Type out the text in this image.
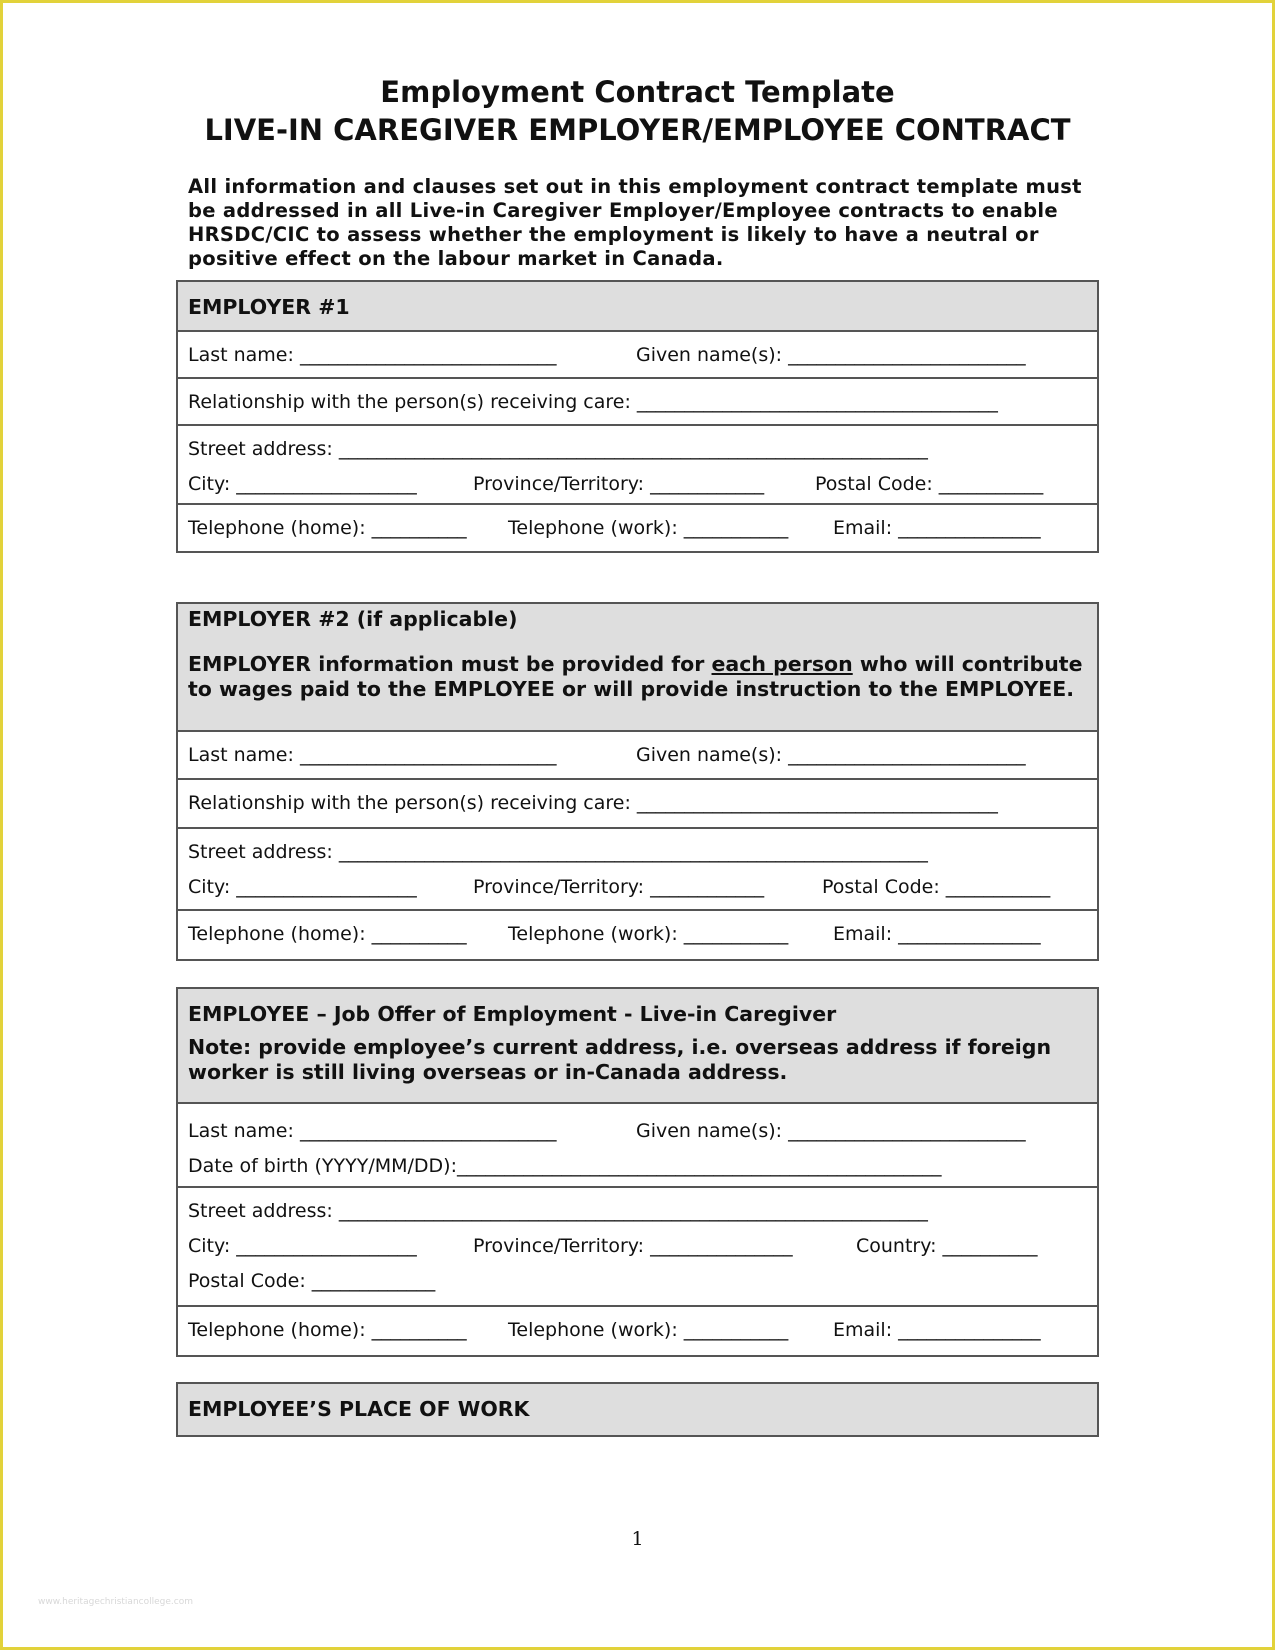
Employment Contract Template
LIVE-IN CAREGIVER EMPLOYER/EMPLOYEE CONTRACT
All information and clauses set out in this employment contract template must be addressed in all Live-in Caregiver Employer/Employee contracts to enable HRSDC/CIC to assess whether the employment is likely to have a neutral or positive effect on the labour market in Canada.
EMPLOYER #1
Last name: ___________________________	Given name(s): _________________________
Relationship with the person(s) receiving care: ______________________________________
Street address: ______________________________________________________________
City: ___________________	Province/Territory: ____________	Postal Code: ___________
Telephone (home): __________ Telephone (work): ___________ Email: _______________
EMPLOYER #2 (if applicable)
EMPLOYER information must be provided for each person who will contribute to wages paid to the EMPLOYEE or will provide instruction to the EMPLOYEE.
Last name: ___________________________	Given name(s): _________________________
Relationship with the person(s) receiving care: ______________________________________
Street address: ______________________________________________________________
City: ___________________	Province/Territory: ____________	Postal Code: ___________
Telephone (home): __________ Telephone (work): ___________ Email: _______________
EMPLOYEE – Job Offer of Employment - Live-in Caregiver
Note: provide employee’s current address, i.e. overseas address if foreign worker is still living overseas or in-Canada address.
Last name: ___________________________	Given name(s): _________________________
Date of birth (YYYY/MM/DD):___________________________________________________
Street address: ______________________________________________________________
City: ___________________	Province/Territory: _______________	Country: __________
Postal Code: _____________
Telephone (home): __________ Telephone (work): ___________ Email: _______________
EMPLOYEE’S PLACE OF WORK
1
www.heritagechristiancollege.com
